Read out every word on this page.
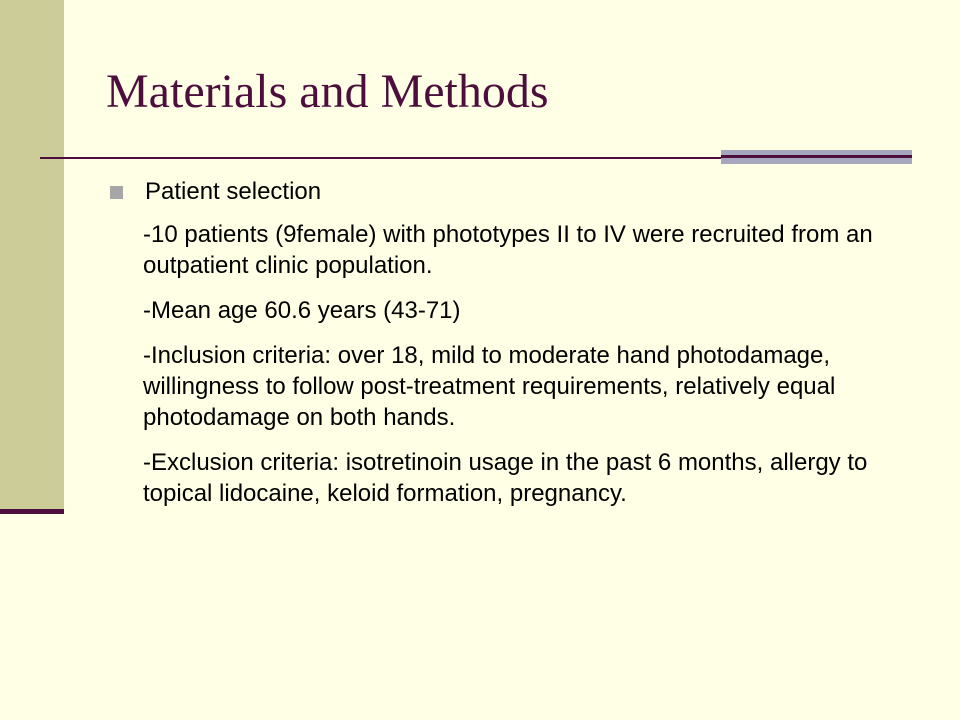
Materials and Methods
Patient selection

-10 patients (9female) with phototypes II to IV were recruited from an outpatient clinic population.

-Mean age 60.6 years (43-71)

-Inclusion criteria: over 18, mild to moderate hand photodamage, willingness to follow post-treatment requirements, relatively equal photodamage on both hands.

-Exclusion criteria: isotretinoin usage in the past 6 months, allergy to topical lidocaine, keloid formation, pregnancy.
